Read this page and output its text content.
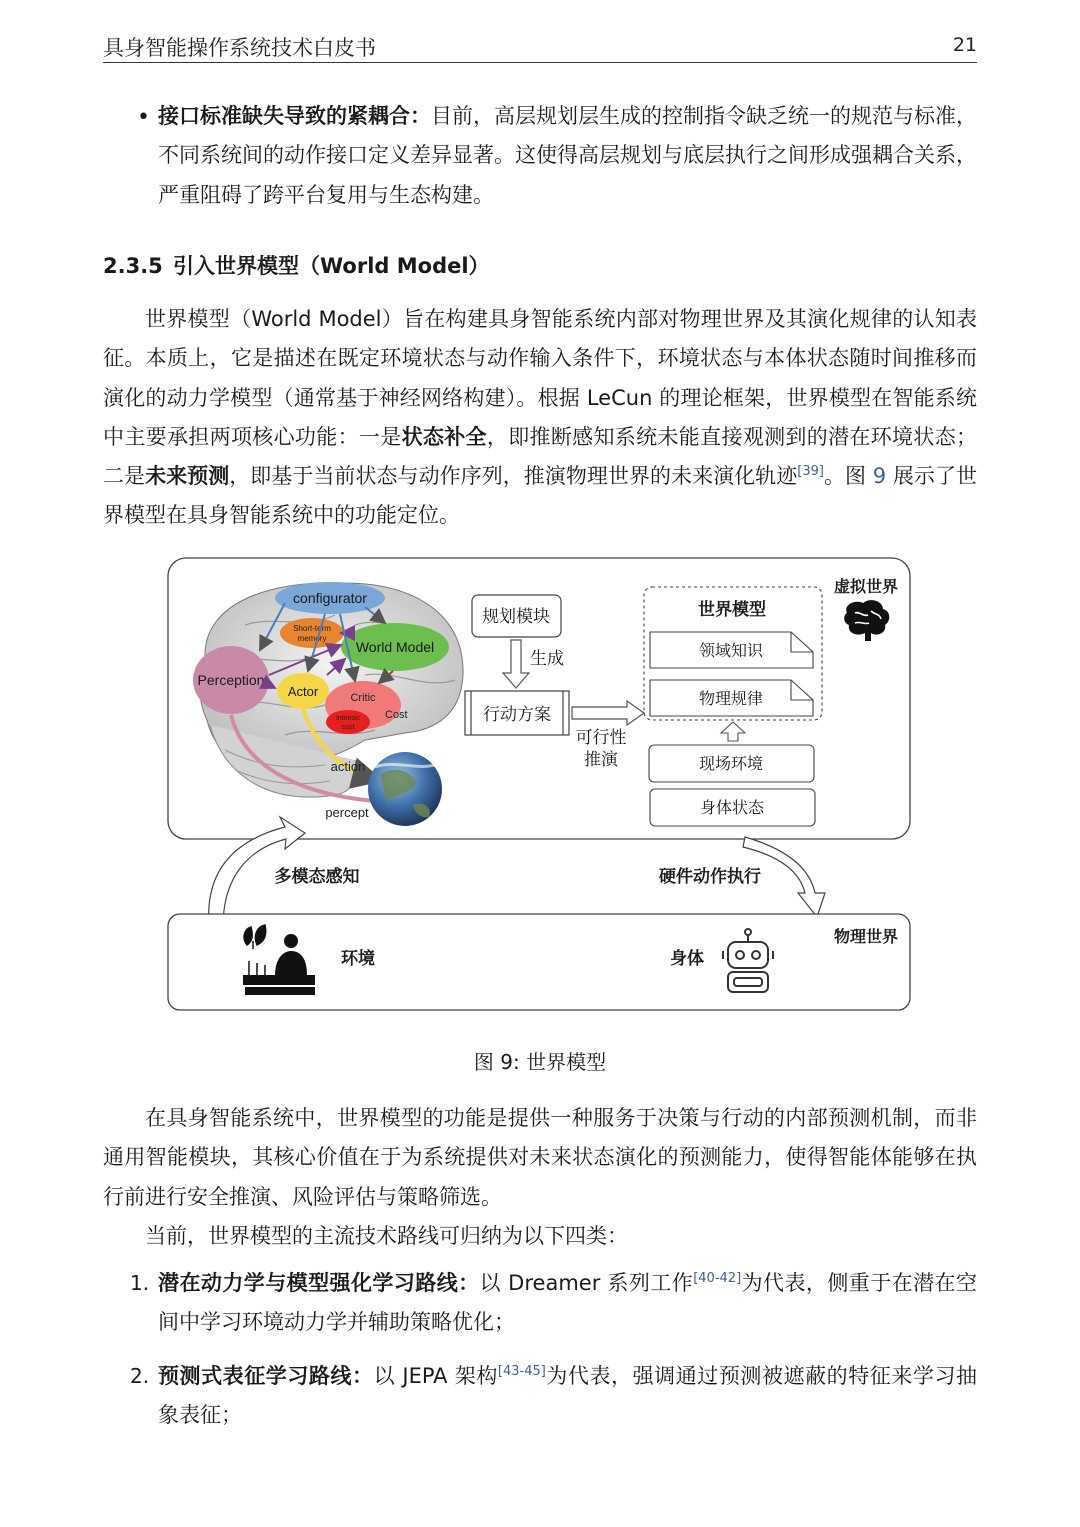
具身智能操作系统技术白皮书	21
• 接口标准缺失导致的紧耦合：目前，高层规划层生成的控制指令缺乏统一的规范与标准，不同系统间的动作接口定义差异显著。这使得高层规划与底层执行之间形成强耦合关系，严重阻碍了跨平台复用与生态构建。
2.3.5 引入世界模型（World Model）
世界模型（World Model）旨在构建具身智能系统内部对物理世界及其演化规律的认知表征。本质上，它是描述在既定环境状态与动作输入条件下，环境状态与本体状态随时间推移而演化的动力学模型（通常基于神经网络构建）。根据 LeCun 的理论框架，世界模型在智能系统中主要承担两项核心功能：一是状态补全，即推断感知系统未能直接观测到的潜在环境状态；二是未来预测，即基于当前状态与动作序列，推演物理世界的未来演化轨迹[39]。图 9 展示了世界模型在具身智能系统中的功能定位。
configurator
Short-term
memory
World Model
Perception
Actor	Critic
Intrinsic
cost
Cost
action
percept
规划模块
生成
行动方案
可行性
推演
世界模型
领域知识
物理规律
现场环境
身体状态
虚拟世界
多模态感知	硬件动作执行
物理世界
环境	身体
图 9: 世界模型
在具身智能系统中，世界模型的功能是提供一种服务于决策与行动的内部预测机制，而非通用智能模块，其核心价值在于为系统提供对未来状态演化的预测能力，使得智能体能够在执行前进行安全推演、风险评估与策略筛选。
当前，世界模型的主流技术路线可归纳为以下四类：
1. 潜在动力学与模型强化学习路线：以 Dreamer 系列工作[40-42]为代表，侧重于在潜在空间中学习环境动力学并辅助策略优化；
2. 预测式表征学习路线：以 JEPA 架构[43-45]为代表，强调通过预测被遮蔽的特征来学习抽象表征；
